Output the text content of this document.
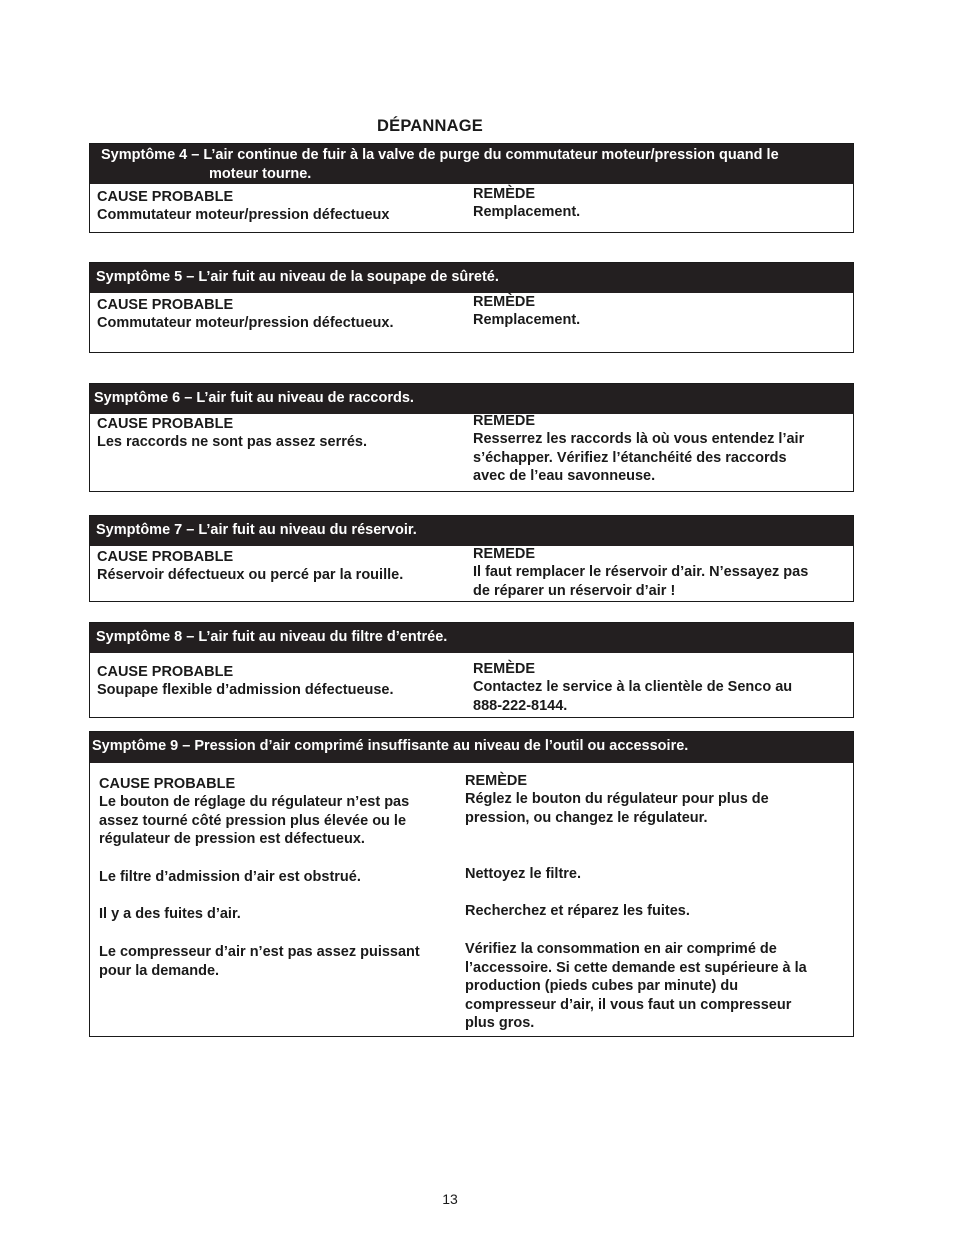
DÉPANNAGE
Symptôme 4 – L’air continue de fuir à la valve de purge du commutateur moteur/pression quand le
moteur tourne.
CAUSE PROBABLE
Commutateur moteur/pression défectueux
REMÈDE
Remplacement.
Symptôme 5 – L’air fuit au niveau de la soupape de sûreté.
CAUSE PROBABLE
Commutateur moteur/pression défectueux.
REMÈDE
Remplacement.
Symptôme 6 – L’air fuit au niveau de raccords.
CAUSE PROBABLE
Les raccords ne sont pas assez serrés.
REMEDE
Resserrez les raccords là où vous entendez l’air
s’échapper. Vérifiez l’étanchéité des raccords
avec de l’eau savonneuse.
Symptôme 7 – L’air fuit au niveau du réservoir.
CAUSE PROBABLE
Réservoir défectueux ou percé par la rouille.
REMEDE
Il faut remplacer le réservoir d’air. N’essayez pas
de réparer un réservoir d’air !
Symptôme 8 – L’air fuit au niveau du filtre d’entrée.
CAUSE PROBABLE
Soupape flexible d’admission défectueuse.
REMÈDE
Contactez le service à la clientèle de Senco au
888-222-8144.
Symptôme 9 – Pression d’air comprimé insuffisante au niveau de l’outil ou accessoire.
CAUSE PROBABLE
Le bouton de réglage du régulateur n’est pas
assez tourné côté pression plus élevée ou le
régulateur de pression est défectueux.
REMÈDE
Réglez le bouton du régulateur pour plus de
pression, ou changez le régulateur.
Le filtre d’admission d’air est obstrué.	Nettoyez le filtre.
Il y a des fuites d’air.	Recherchez et réparez les fuites.
Le compresseur d’air n’est pas assez puissant
pour la demande.
Vérifiez la consommation en air comprimé de
l’accessoire. Si cette demande est supérieure à la
production (pieds cubes par minute) du
compresseur d’air, il vous faut un compresseur
plus gros.
13
